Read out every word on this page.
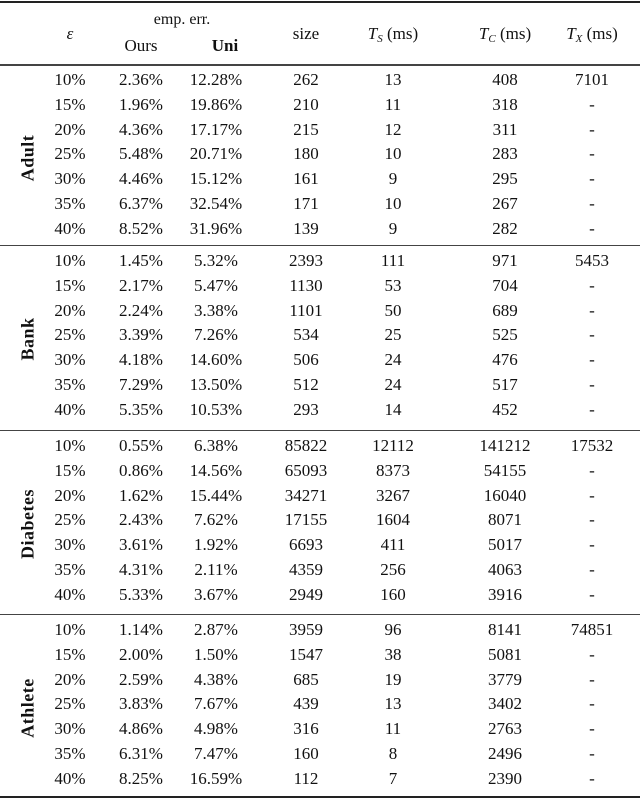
ε
emp. err.
Ours	Uni
size	$T_S$ (ms)	$T_C$ (ms) $T_X$ (ms)
Adult
10% 2.36% 12.28%	262	13	408	7101
15% 1.96% 19.86%	210	11	318	-
20% 4.36% 17.17%	215	12	311	-
25% 5.48% 20.71%	180	10	283	-
30% 4.46% 15.12%	161	9	295	-
35% 6.37% 32.54%	171	10	267	-
40% 8.52% 31.96%	139	9	282	-
Bank
10% 1.45% 5.32%	2393	111	971	5453
15% 2.17% 5.47%	1130	53	704	-
20% 2.24% 3.38%	1101	50	689	-
25% 3.39% 7.26%	534	25	525	-
30% 4.18% 14.60%	506	24	476	-
35% 7.29% 13.50%	512	24	517	-
40% 5.35% 10.53%	293	14	452	-
Diabetes
10% 0.55% 6.38%	85822	12112	141212 17532
15% 0.86% 14.56%	65093	8373	54155	-
20% 1.62% 15.44%	34271	3267	16040	-
25% 2.43% 7.62%	17155	1604	8071	-
30% 3.61% 1.92%	6693	411	5017	-
35% 4.31% 2.11%	4359	256	4063	-
40% 5.33% 3.67%	2949	160	3916	-
Athlete
10% 1.14% 2.87%	3959	96	8141	74851
15% 2.00% 1.50%	1547	38	5081	-
20% 2.59% 4.38%	685	19	3779	-
25% 3.83% 7.67%	439	13	3402	-
30% 4.86% 4.98%	316	11	2763	-
35% 6.31% 7.47%	160	8	2496	-
40% 8.25% 16.59%	112	7	2390	-
